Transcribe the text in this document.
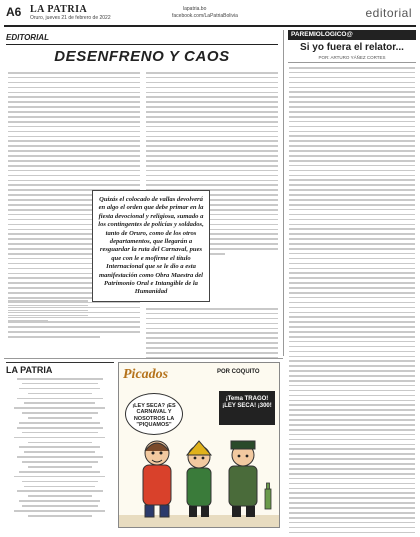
A6 LA PATRIA
Oruro, jueves 21 de febrero de 2022
lapatria.bo
facebook.com/LaPatriaBolivia	editorial
EDITORIAL
DESENFRENO Y CAOS
Quizás el colocado de vallas devolverá en algo el orden que debe primar en la fiesta devocional y religiosa, sumado a los contingentes de policías y soldados, tanto de Oruro, como de los otros departamentos, que llegarán a resguardar la ruta del Carnaval, pues que con le e mofirme el título Internacional que se le dio a esta manifestación como Obra Maestra del Patrimonio Oral e Intangible de la Humanidad
PAREMIOLOGICO@
Si yo fuera el relator...
POR: ARTURO YÁÑEZ CORTES
LA PATRIA	Picados	POR COQUITO
¡LEY SECA? ¡ES CARNAVAL Y NOSOTROS LA "PIQUAMOS"
¡Tema TRAGO! ¡LEY SECA! ¡300!
